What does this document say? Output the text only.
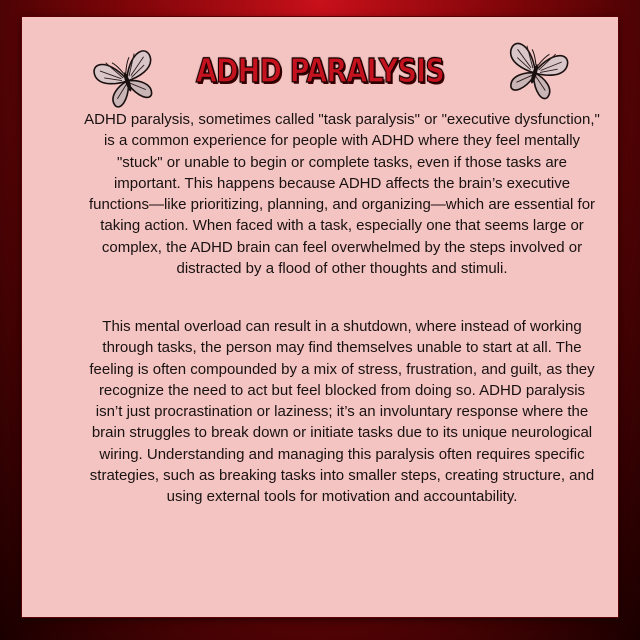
ADHD PARALYSIS

ADHD paralysis, sometimes called "task paralysis" or "executive dysfunction," is a common experience for people with ADHD where they feel mentally "stuck" or unable to begin or complete tasks, even if those tasks are important. This happens because ADHD affects the brain’s executive functions—like prioritizing, planning, and organizing—which are essential for taking action. When faced with a task, especially one that seems large or complex, the ADHD brain can feel overwhelmed by the steps involved or distracted by a flood of other thoughts and stimuli.

This mental overload can result in a shutdown, where instead of working through tasks, the person may find themselves unable to start at all. The feeling is often compounded by a mix of stress, frustration, and guilt, as they recognize the need to act but feel blocked from doing so. ADHD paralysis isn’t just procrastination or laziness; it’s an involuntary response where the brain struggles to break down or initiate tasks due to its unique neurological wiring. Understanding and managing this paralysis often requires specific strategies, such as breaking tasks into smaller steps, creating structure, and using external tools for motivation and accountability.
